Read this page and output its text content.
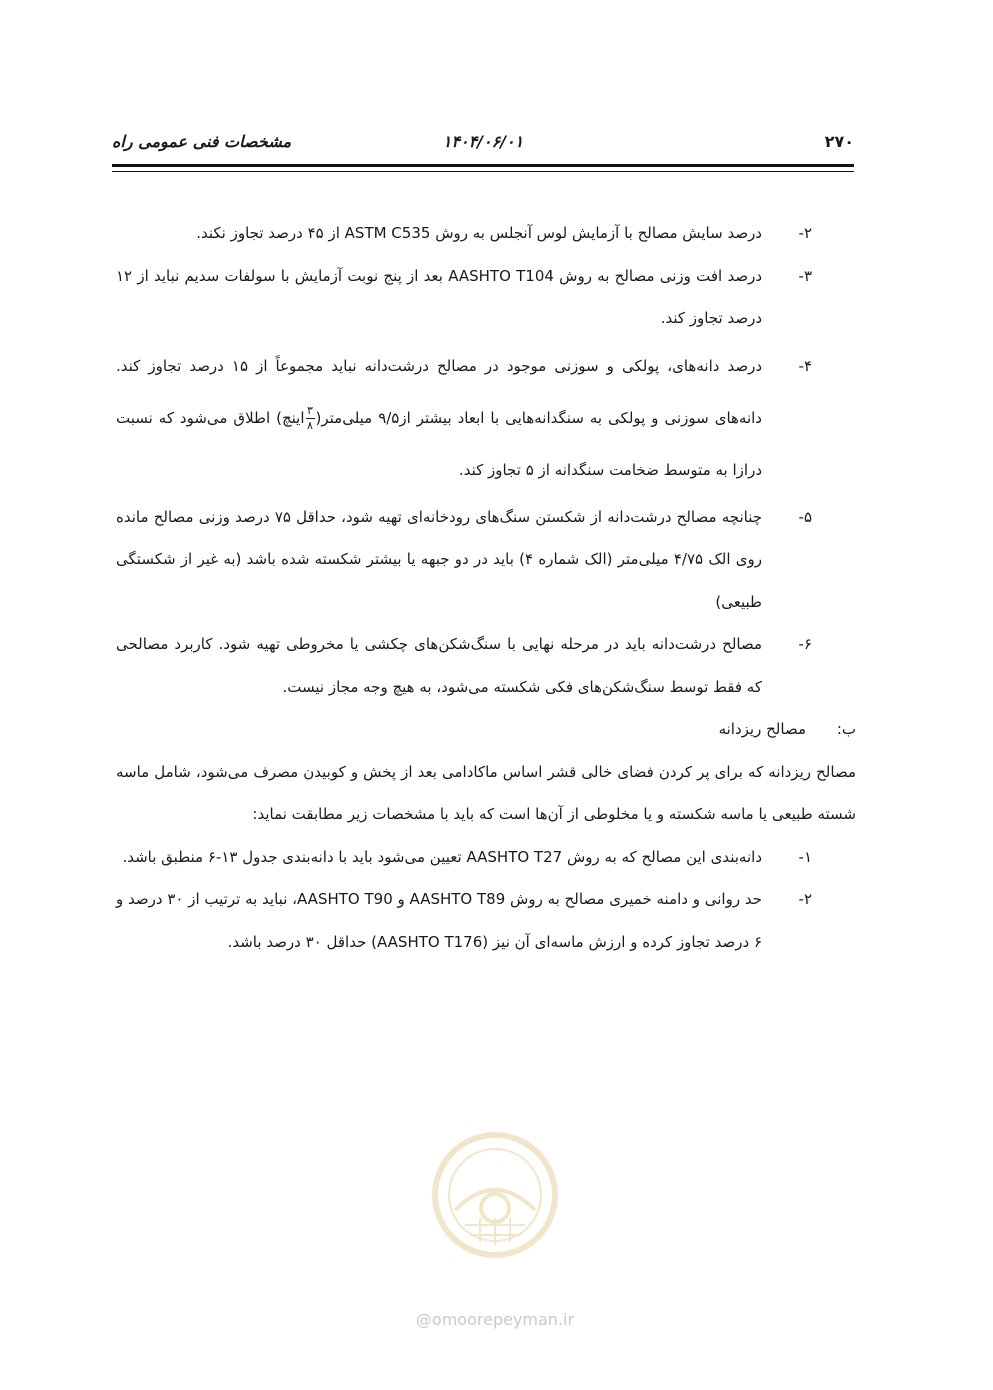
۲۷۰
۱۴۰۴/۰۶/۰۱
مشخصات فنی عمومی راه
۲-
درصد سایش مصالح با آزمایش لوس آنجلس به روش ASTM C535 از ۴۵ درصد تجاوز نکند.
۳-
درصد افت وزنی مصالح به روش AASHTO T104 بعد از پنج نوبت آزمایش با سولفات سدیم نباید از ۱۲ درصد تجاوز کند.
۴-
درصد دانه‌های، پولکی و سوزنی موجود در مصالح درشت‌دانه نباید مجموعاً از ۱۵ درصد تجاوز کند. دانه‌های سوزنی و پولکی به سنگدانه‌هایی با ابعاد بیشتر از۹/۵ میلی‌متر(
$\frac{۳}{۸}$
اینچ) اطلاق می‌شود که نسبت درازا به متوسط ضخامت سنگدانه از ۵ تجاوز کند.
۵-
چنانچه مصالح درشت‌دانه از شکستن سنگ‌های رودخانه‌ای تهیه شود، حداقل ۷۵ درصد وزنی مصالح مانده روی الک ۴/۷۵ میلی‌متر (الک شماره ۴) باید در دو جبهه یا بیشتر شکسته شده باشد (به غیر از شکستگی طبیعی)
۶-
مصالح درشت‌دانه باید در مرحله نهایی با سنگ‌شکن‌های چکشی یا مخروطی تهیه شود. کاربرد مصالحی که فقط توسط سنگ‌شکن‌های فکی شکسته می‌شود، به هیچ وجه مجاز نیست.
ب:
مصالح ریزدانه
مصالح ریزدانه که برای پر کردن فضای خالی قشر اساس ماکادامی بعد از پخش و کوبیدن مصرف می‌شود، شامل ماسه شسته طبیعی یا ماسه شکسته و یا مخلوطی از آن‌ها است که باید با مشخصات زیر مطابقت نماید:
۱-
دانه‌بندی این مصالح که به روش AASHTO T27 تعیین می‌شود باید با دانه‌بندی جدول ۱۳-۶ منطبق باشد.
۲-
حد روانی و دامنه خمیری مصالح به روش AASHTO T89 و AASHTO T90، نباید به ترتیب از ۳۰ درصد و ۶ درصد تجاوز کرده و ارزش ماسه‌ای آن نیز (AASHTO T176) حداقل ۳۰ درصد باشد.
@omoorepeyman.ir
